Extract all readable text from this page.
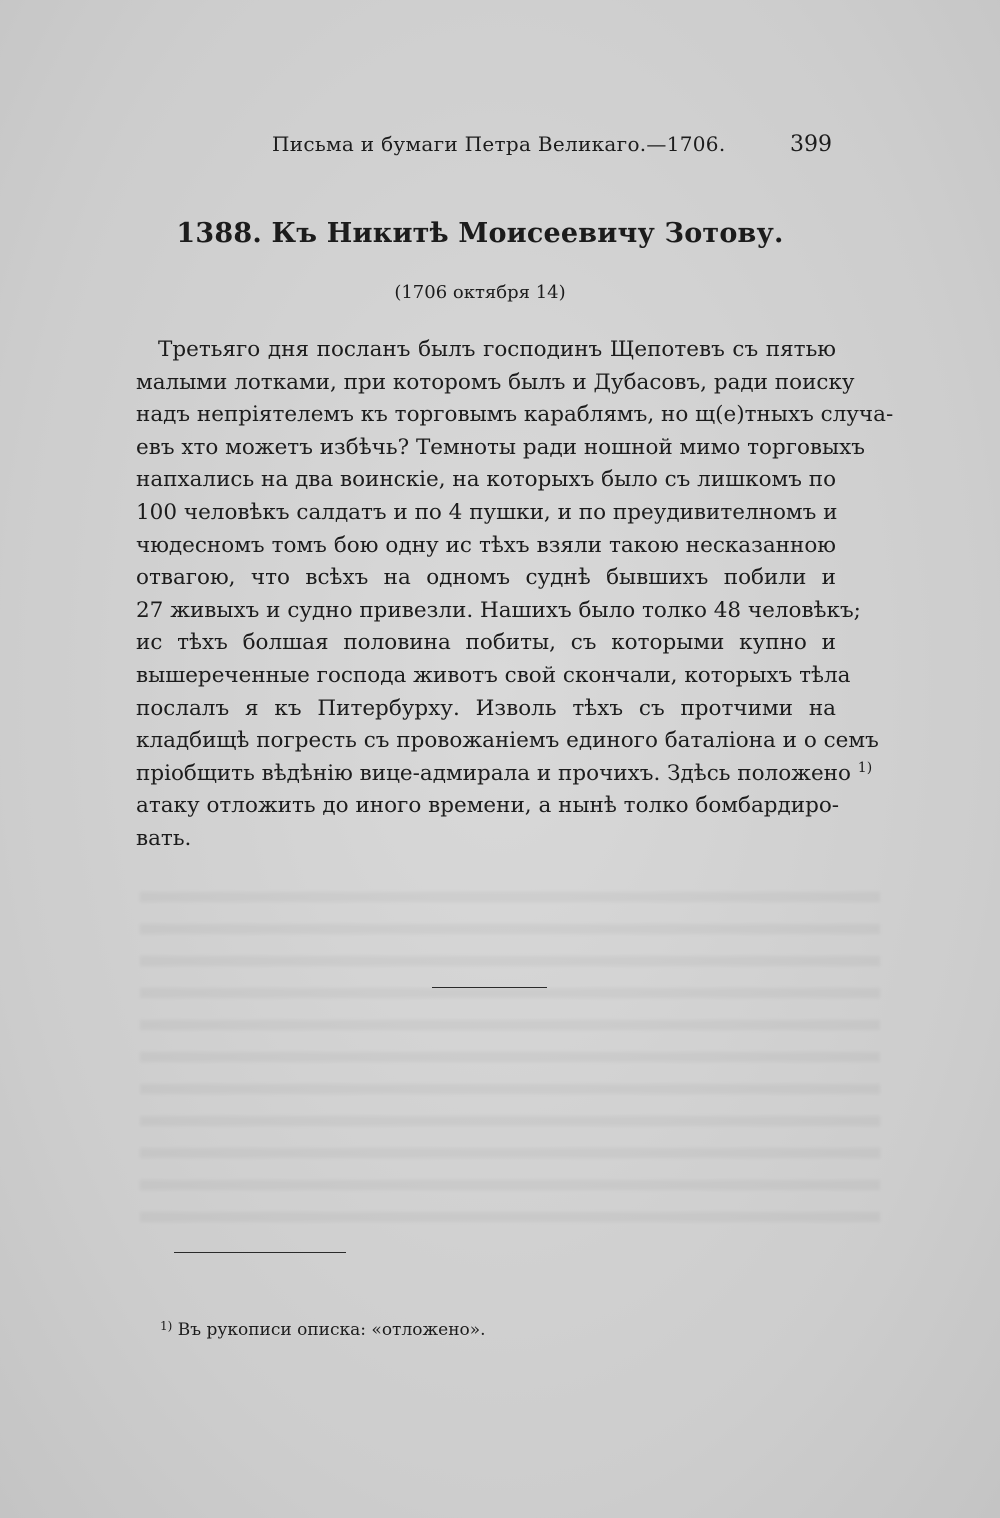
Письма и бумаги Петра Великаго.—1706.	399
1388. Къ Никитѣ Моисеевичу Зотову.
(1706 октября 14)
Третьяго дня посланъ былъ господинъ Щепотевъ съ пятью
малыми лотками, при которомъ былъ и Дубасовъ, ради поиску
надъ непріятелемъ къ торговымъ караблямъ, но щ(е)тныхъ случа-
евъ хто можетъ избѣчь? Темноты ради ношной мимо торговыхъ
напхались на два воинскіе, на которыхъ было съ лишкомъ по
100 человѣкъ салдатъ и по 4 пушки, и по преудивителномъ и
чюдесномъ томъ бою одну ис тѣхъ взяли такою несказанною
отвагою, что всѣхъ на одномъ суднѣ бывшихъ побили и
27 живыхъ и судно привезли. Нашихъ было толко 48 человѣкъ;
ис тѣхъ болшая половина побиты, съ которыми купно и
вышереченные господа животъ свой скончали, которыхъ тѣла
послалъ я къ Питербурху. Изволь тѣхъ съ протчими на
кладбищѣ погресть съ провожаніемъ единого баталіона и о семъ
пріобщить вѣдѣнію вице-адмирала и прочихъ. Здѣсь положено $^{1)}$
атаку отложить до иного времени, а нынѣ толко бомбардиро-
вать.
$^{1)}$ Въ рукописи описка: «отложено».
